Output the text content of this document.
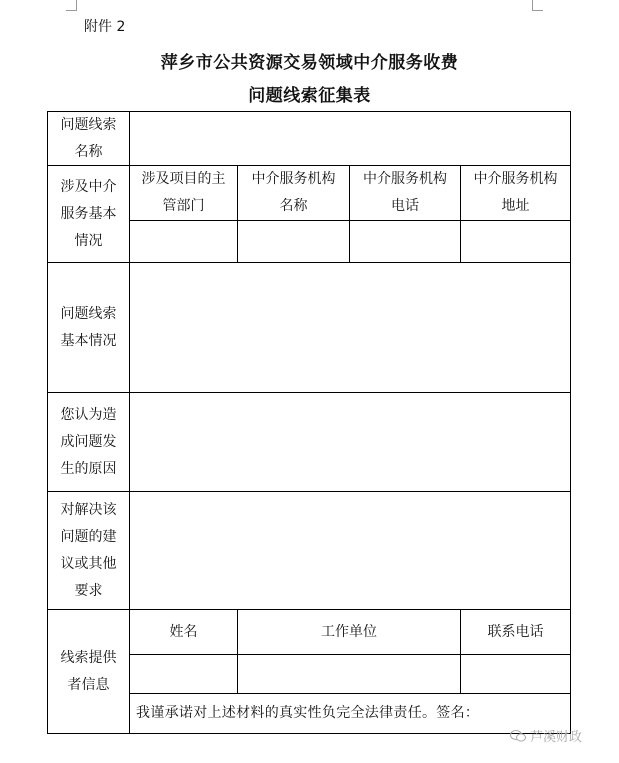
附件 2
萍乡市公共资源交易领域中介服务收费
问题线索征集表
问题线索
名称
涉及中介
服务基本
情况
涉及项目的主
管部门
中介服务机构
名称
中介服务机构
电话
中介服务机构
地址
问题线索
基本情况
您认为造
成问题发
生的原因
对解决该
问题的建
议或其他
要求
线索提供
者信息
姓名	工作单位	联系电话
我谨承诺对上述材料的真实性负完全法律责任。签名：
芦溪财政
